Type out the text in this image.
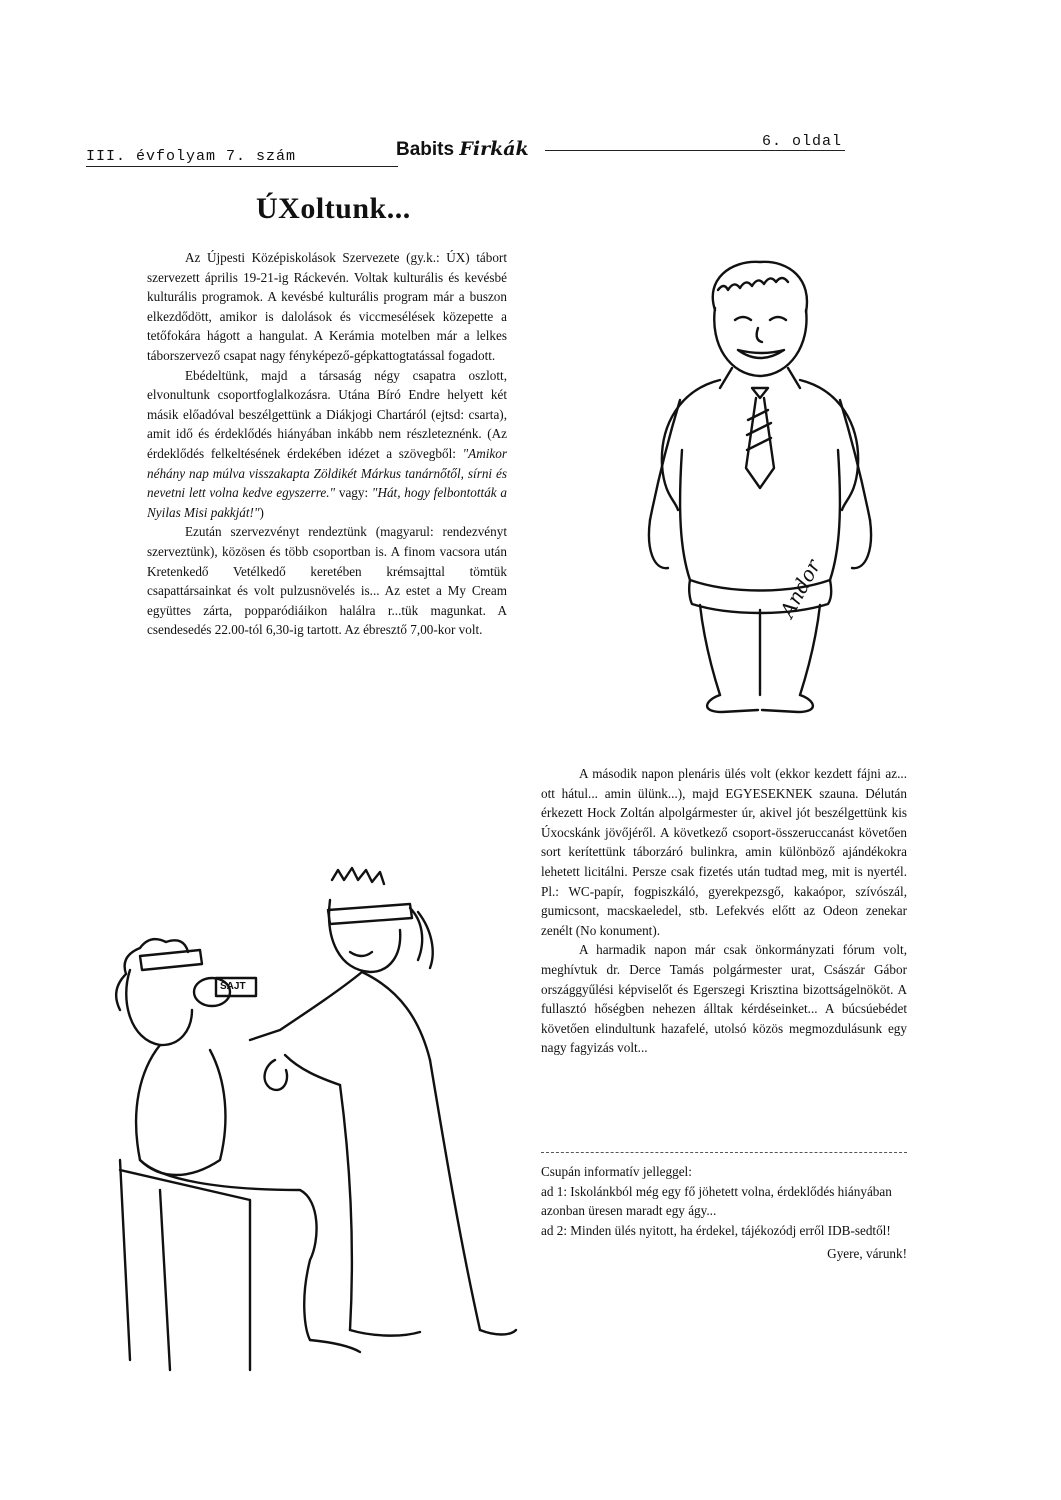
III. évfolyam 7. szám	Babits Firkák	6. oldal
ÚXoltunk...

Az Újpesti Középiskolások Szervezete (gy.k.: ÚX) tábort szervezett április 19-21-ig Ráckevén. Voltak kulturális és kevésbé kulturális programok. A kevésbé kulturális program már a buszon elkezdődött, amikor is dalolások és viccmesélések közepette a tetőfokára hágott a hangulat. A Kerámia motelben már a lelkes táborszervező csapat nagy fényképező-gépkattogtatással fogadott.

Ebédeltünk, majd a társaság négy csapatra oszlott, elvonultunk csoportfoglalkozásra. Utána Bíró Endre helyett két másik előadóval beszélgettünk a Diákjogi Chartáról (ejtsd: csarta), amit idő és érdeklődés hiányában inkább nem részleteznénk. (Az érdeklődés felkeltésének érdekében idézet a szövegből: "Amikor néhány nap múlva visszakapta Zöldikét Márkus tanárnőtől, sírni és nevetni lett volna kedve egyszerre." vagy: "Hát, hogy felbontották a Nyilas Misi pakkját!")

Ezután szervezvényt rendeztünk (magyarul: rendezvényt szerveztünk), közösen és több csoportban is. A finom vacsora után Kretenkedő Vetélkedő keretében krémsajttal tömtük csapattársainkat és volt pulzusnövelés is... Az estet a My Cream együttes zárta, popparódiáikon halálra r...tük magunkat. A csendesedés 22.00-tól 6,30-ig tartott. Az ébresztő 7,00-kor volt.

A második napon plenáris ülés volt (ekkor kezdett fájni az... ott hátul... amin ülünk...), majd EGYESEKNEK szauna. Délután érkezett Hock Zoltán alpolgármester úr, akivel jót beszélgettünk kis Úxocskánk jövőjéről. A következő csoport-összeruccanást követően sort kerítettünk táborzáró bulinkra, amin különböző ajándékokra lehetett licitálni. Persze csak fizetés után tudtad meg, mit is nyertél. Pl.: WC-papír, fogpiszkáló, gyerekpezsgő, kakaópor, szívószál, gumicsont, macskaeledel, stb. Lefekvés előtt az Odeon zenekar zenélt (No konument).

A harmadik napon már csak önkormányzati fórum volt, meghívtuk dr. Derce Tamás polgármester urat, Császár Gábor országgyűlési képviselőt és Egerszegi Krisztina bizottságelnököt. A fullasztó hőségben nehezen álltak kérdéseinket... A búcsúebédet követően elindultunk hazafelé, utolsó közös megmozdulásunk egy nagy fagyizás volt...

Csupán informatív jelleggel:
ad 1: Iskolánkból még egy fő jöhetett volna, érdeklődés hiányában azonban üresen maradt egy ágy...
ad 2: Minden ülés nyitott, ha érdekel, tájékozódj erről IDB-sedtől!
Gyere, várunk!
Andor
SAJT
